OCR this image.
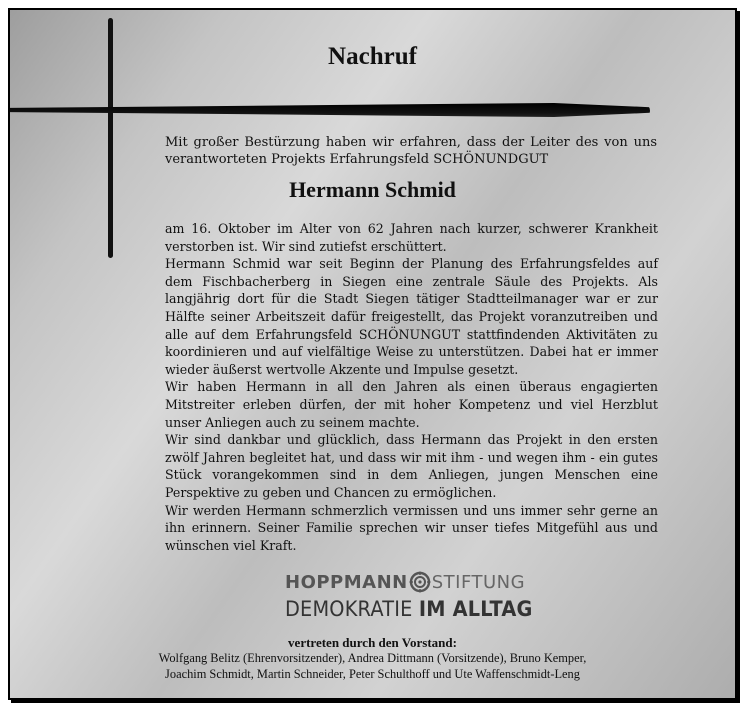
Nachruf
Mit großer Bestürzung haben wir erfahren, dass der Leiter des von uns verantworteten Projekts Erfahrungsfeld SCHÖNUNDGUT
Hermann Schmid

am 16. Oktober im Alter von 62 Jahren nach kurzer, schwerer Krankheit verstorben ist. Wir sind zutiefst erschüttert.

Hermann Schmid war seit Beginn der Planung des Erfahrungsfeldes auf dem Fischbacherberg in Siegen eine zentrale Säule des Projekts. Als langjährig dort für die Stadt Siegen tätiger Stadtteilmanager war er zur Hälfte seiner Arbeitszeit dafür freigestellt, das Projekt voranzutreiben und alle auf dem Erfahrungsfeld SCHÖNUNGUT stattfindenden Aktivitäten zu koordinieren und auf vielfältige Weise zu unterstützen. Dabei hat er immer wieder äußerst wertvolle Akzente und Impulse gesetzt.

Wir haben Hermann in all den Jahren als einen überaus engagierten Mitstreiter erleben dürfen, der mit hoher Kompetenz und viel Herzblut unser Anliegen auch zu seinem machte.

Wir sind dankbar und glücklich, dass Hermann das Projekt in den ersten zwölf Jahren begleitet hat, und dass wir mit ihm - und wegen ihm - ein gutes Stück vorangekommen sind in dem Anliegen, jungen Menschen eine Perspektive zu geben und Chancen zu ermöglichen.

Wir werden Hermann schmerzlich vermissen und uns immer sehr gerne an ihn erinnern. Seiner Familie sprechen wir unser tiefes Mitgefühl aus und wünschen viel Kraft.

HOPPMANN STIFTUNG
DEMOKRATIE IM ALLTAG
vertreten durch den Vorstand:
Wolfgang Belitz (Ehrenvorsitzender), Andrea Dittmann (Vorsitzende), Bruno Kemper,
Joachim Schmidt, Martin Schneider, Peter Schulthoff und Ute Waffenschmidt-Leng
